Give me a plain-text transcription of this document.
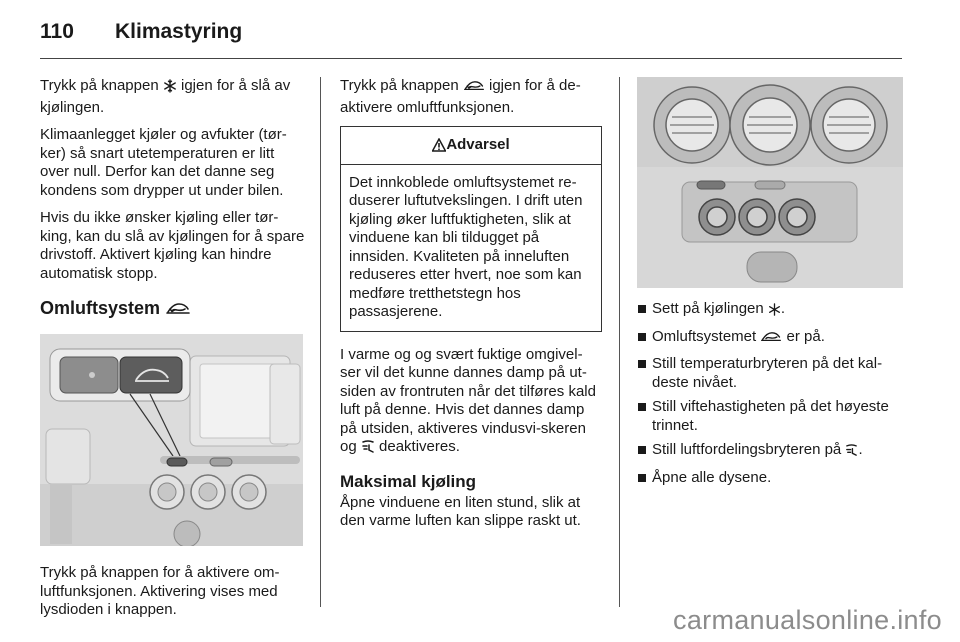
110	Klimastyring

Trykk på knappen  igjen for å slå av kjølingen.

Klimaanlegget kjøler og avfukter (tør-ker) så snart utetemperaturen er litt over null. Derfor kan det danne seg kondens som drypper ut under bilen.

Hvis du ikke ønsker kjøling eller tør-king, kan du slå av kjølingen for å spare drivstoff. Aktivert kjøling kan hindre automatisk stopp.

Omluftsystem

Trykk på knappen for å aktivere om-luftfunksjonen. Aktivering vises med lysdioden i knappen.

Trykk på knappen  igjen for å de-aktivere omluftfunksjonen.

Advarsel
Det innkoblede omluftsystemet re-duserer luftutvekslingen. I drift uten kjøling øker luftfuktigheten, slik at vinduene kan bli tildugget på innsiden. Kvaliteten på inneluften reduseres etter hvert, noe som kan medføre tretthetstegn hos passasjerene.

I varme og og svært fuktige omgivel-ser vil det kunne dannes damp på ut-siden av frontruten når det tilføres kald luft på denne. Hvis det dannes damp på utsiden, aktiveres vindusvi-skeren og  deaktiveres.

Maksimal kjøling

Åpne vinduene en liten stund, slik at den varme luften kan slippe raskt ut.

Sett på kjølingen .
Omluftsystemet  er på.
Still temperaturbryteren på det kal-deste nivået.
Still viftehastigheten på det høyeste trinnet.
Still luftfordelingsbryteren på .
Åpne alle dysene.
carmanualsonline.info
